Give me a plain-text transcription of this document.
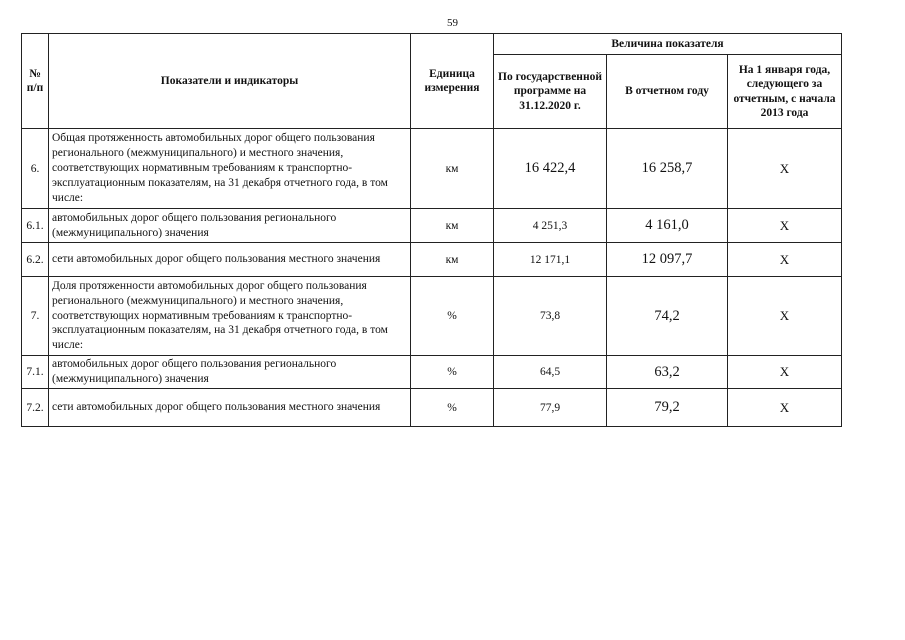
59
№ п/п	Показатели и индикаторы	Единица измерения	Величина показателя		
			По государственной программе на 31.12.2020 г.	В отчетном году	На 1 января года, следующего за отчетным, с начала 2013 года
6.	Общая протяженность автомобильных дорог общего пользования регионального (межмуниципального) и местного значения, соответствующих нормативным требованиям к транспортно-эксплуатационным показателям, на 31 декабря отчетного года, в том числе:	км	16 422,4	16 258,7	X
6.1.	автомобильных дорог общего пользования регионального (межмуниципального) значения	км	4 251,3	4 161,0	X
6.2.	сети автомобильных дорог общего пользования местного значения	км	12 171,1	12 097,7	X
7.	Доля протяженности автомобильных дорог общего пользования регионального (межмуниципального) и местного значения, соответствующих нормативным требованиям к транспортно-эксплуатационным показателям, на 31 декабря отчетного года, в том числе:	%	73,8	74,2	X
7.1.	автомобильных дорог общего пользования регионального (межмуниципального) значения	%	64,5	63,2	X
7.2.	сети автомобильных дорог общего пользования местного значения	%	77,9	79,2	X
